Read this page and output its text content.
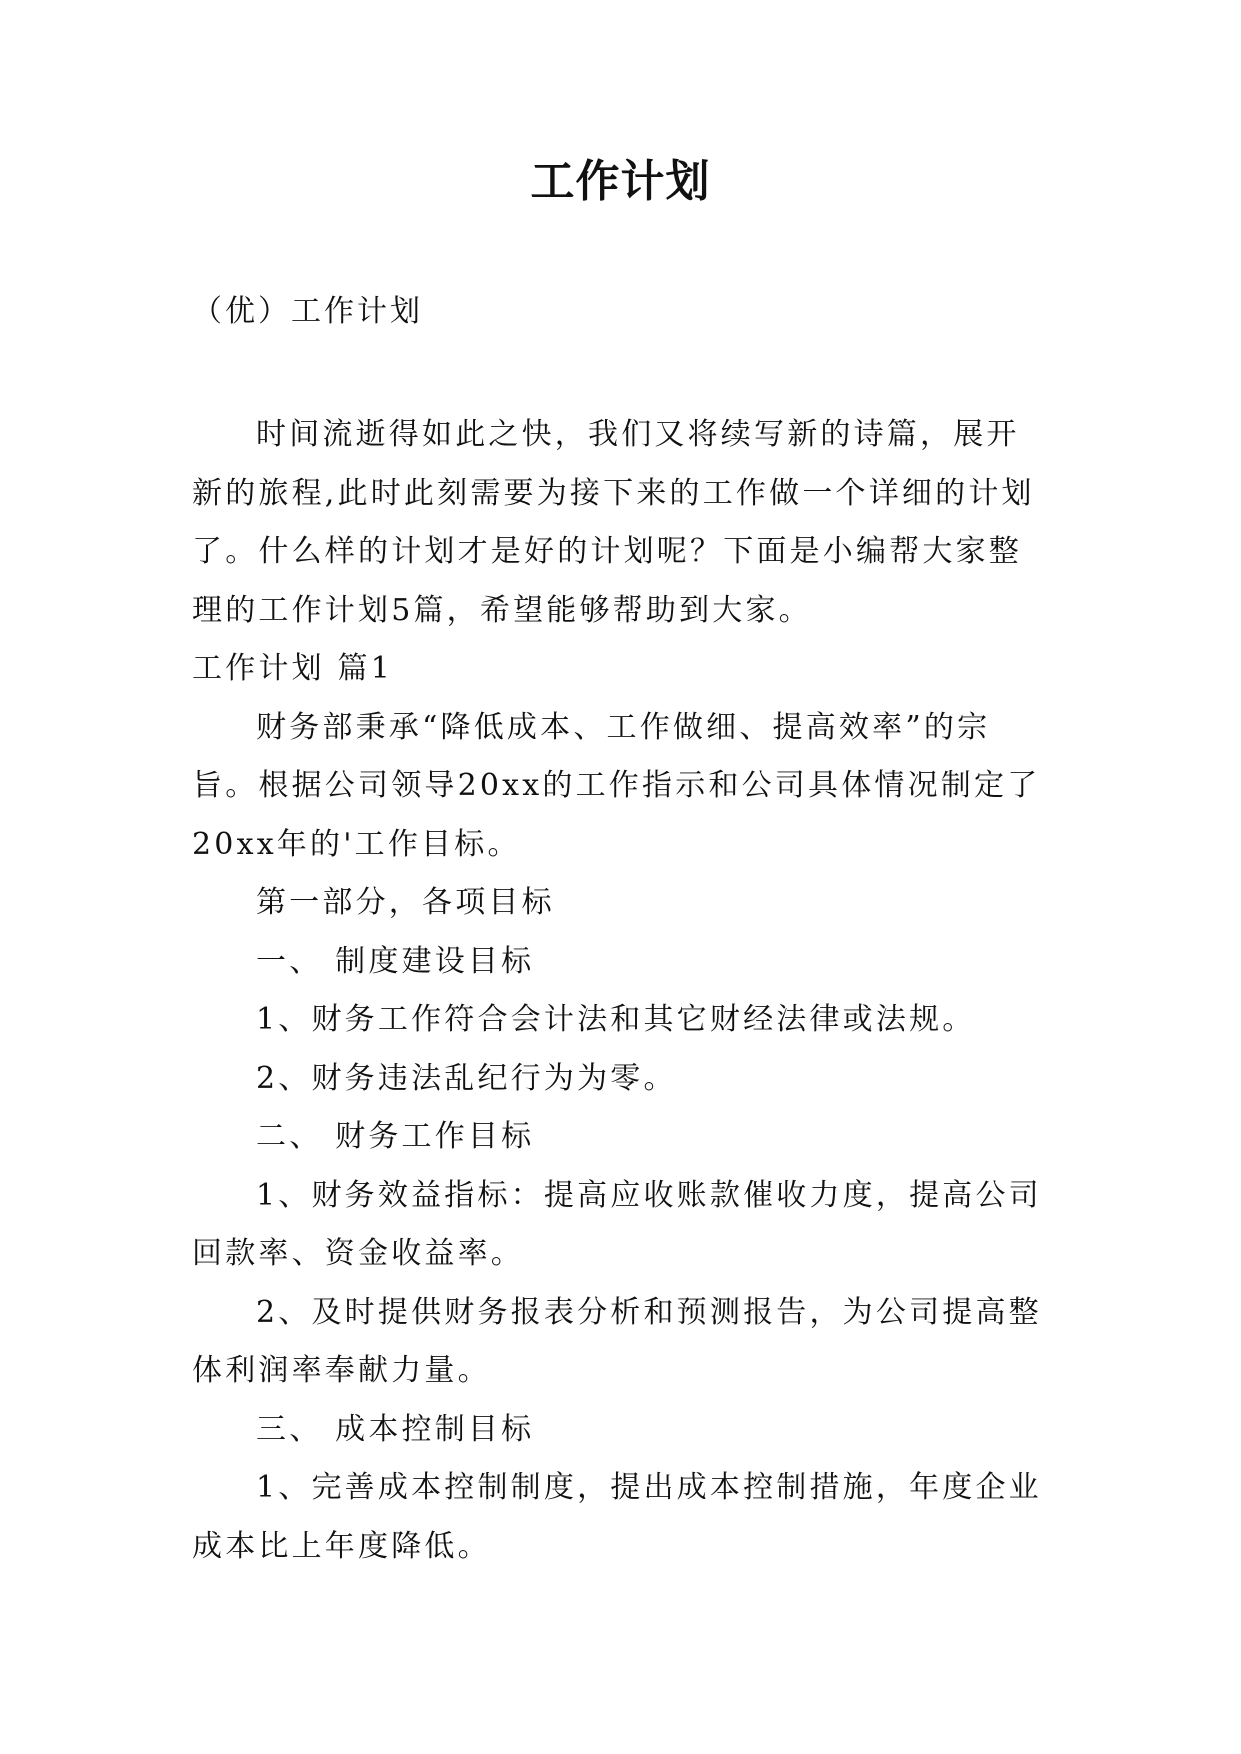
工作计划
（优）工作计划

时间流逝得如此之快，我们又将续写新的诗篇，展开新的旅程,此时此刻需要为接下来的工作做一个详细的计划了。什么样的计划才是好的计划呢？下面是小编帮大家整理的工作计划5篇，希望能够帮助到大家。

工作计划 篇1

财务部秉承“降低成本、工作做细、提高效率”的宗旨。根据公司领导20xx的工作指示和公司具体情况制定了20xx年的'工作目标。

第一部分，各项目标

一、 制度建设目标

1、财务工作符合会计法和其它财经法律或法规。

2、财务违法乱纪行为为零。

二、 财务工作目标

1、财务效益指标：提高应收账款催收力度，提高公司回款率、资金收益率。

2、及时提供财务报表分析和预测报告，为公司提高整体利润率奉献力量。

三、 成本控制目标

1、完善成本控制制度，提出成本控制措施，年度企业成本比上年度降低。
